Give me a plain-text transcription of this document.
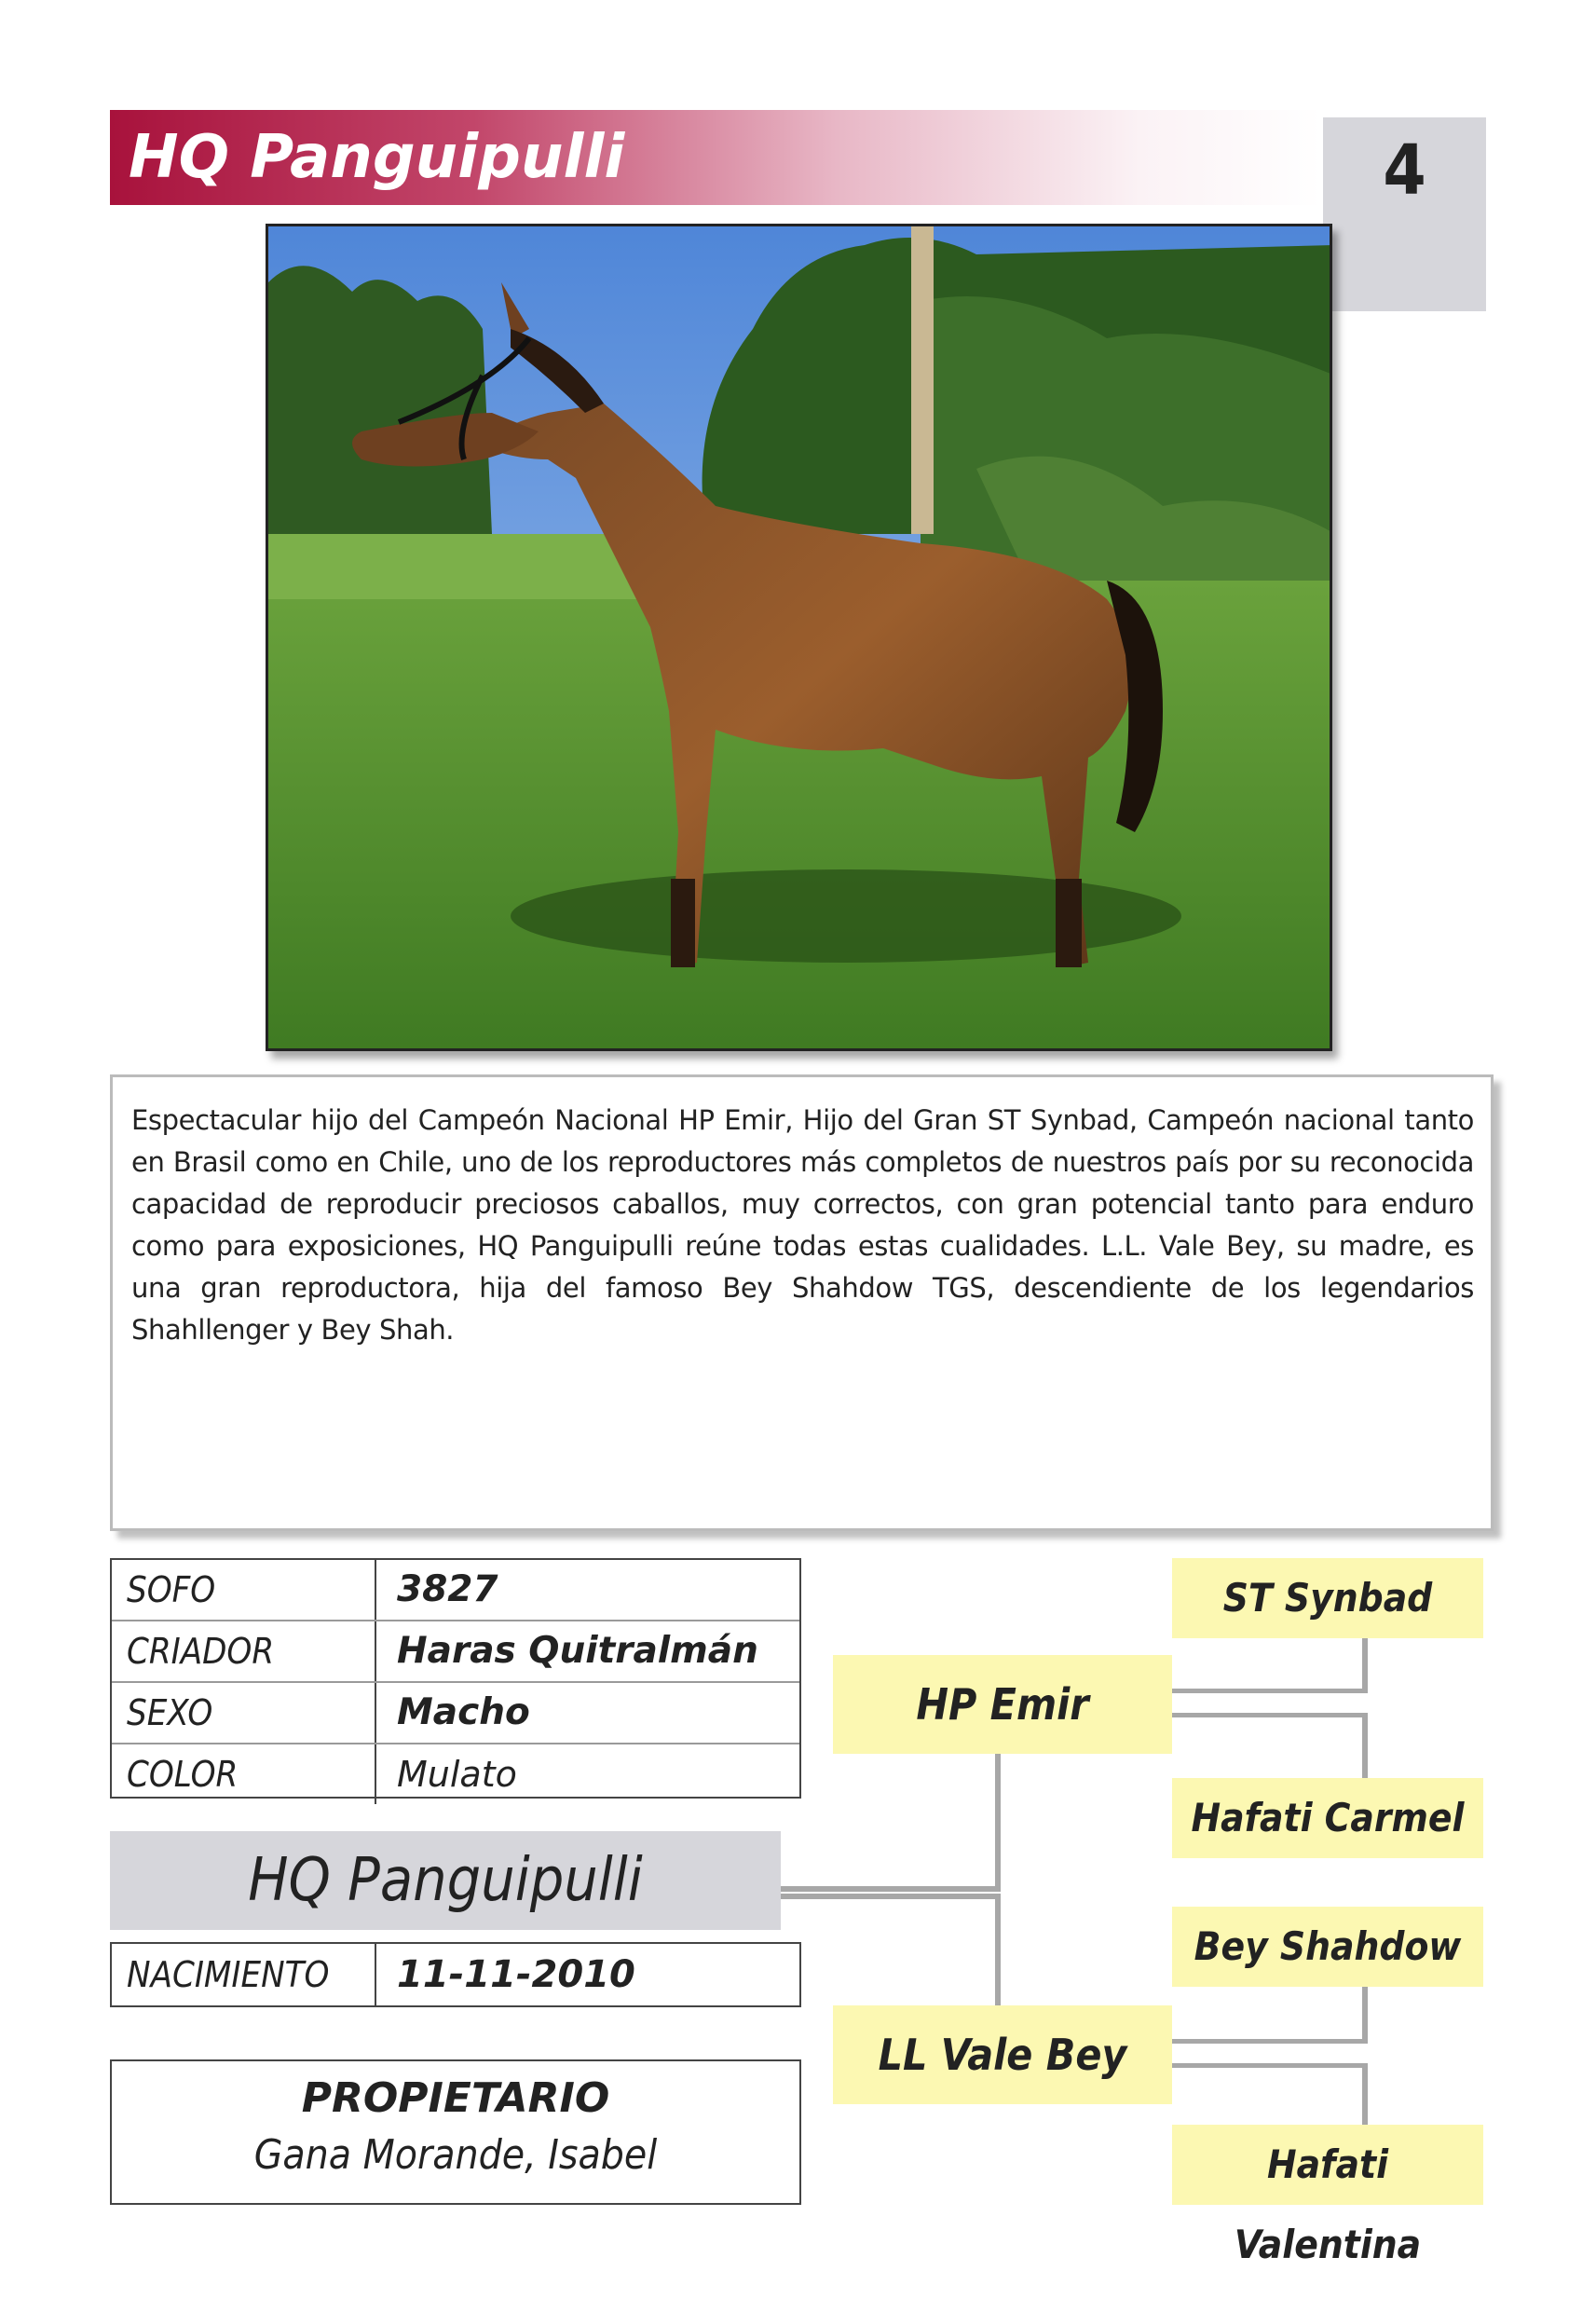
HQ Panguipulli	4

Espectacular hijo del Campeón Nacional HP Emir, Hijo del Gran ST Synbad, Campeón nacional tanto en Brasil como en Chile, uno de los reproductores más completos de nuestros país por su reconocida capacidad de reproducir preciosos caballos, muy correctos, con gran potencial tanto para enduro como para exposiciones, HQ Panguipulli reúne todas estas cualidades. L.L. Vale Bey, su madre, es una gran reproductora, hija del famoso Bey Shahdow TGS, descendiente de los legendarios Shahllenger y Bey Shah.

SOFO	3827
CRIADOR	Haras Quitralmán
SEXO	Macho
COLOR	Mulato
HQ Panguipulli
NACIMIENTO	11-11-2010
PROPIETARIO
Gana Morande, Isabel
ST Synbad
HP Emir
Hafati Carmel
Bey Shahdow
LL Vale Bey
Hafati Valentina
